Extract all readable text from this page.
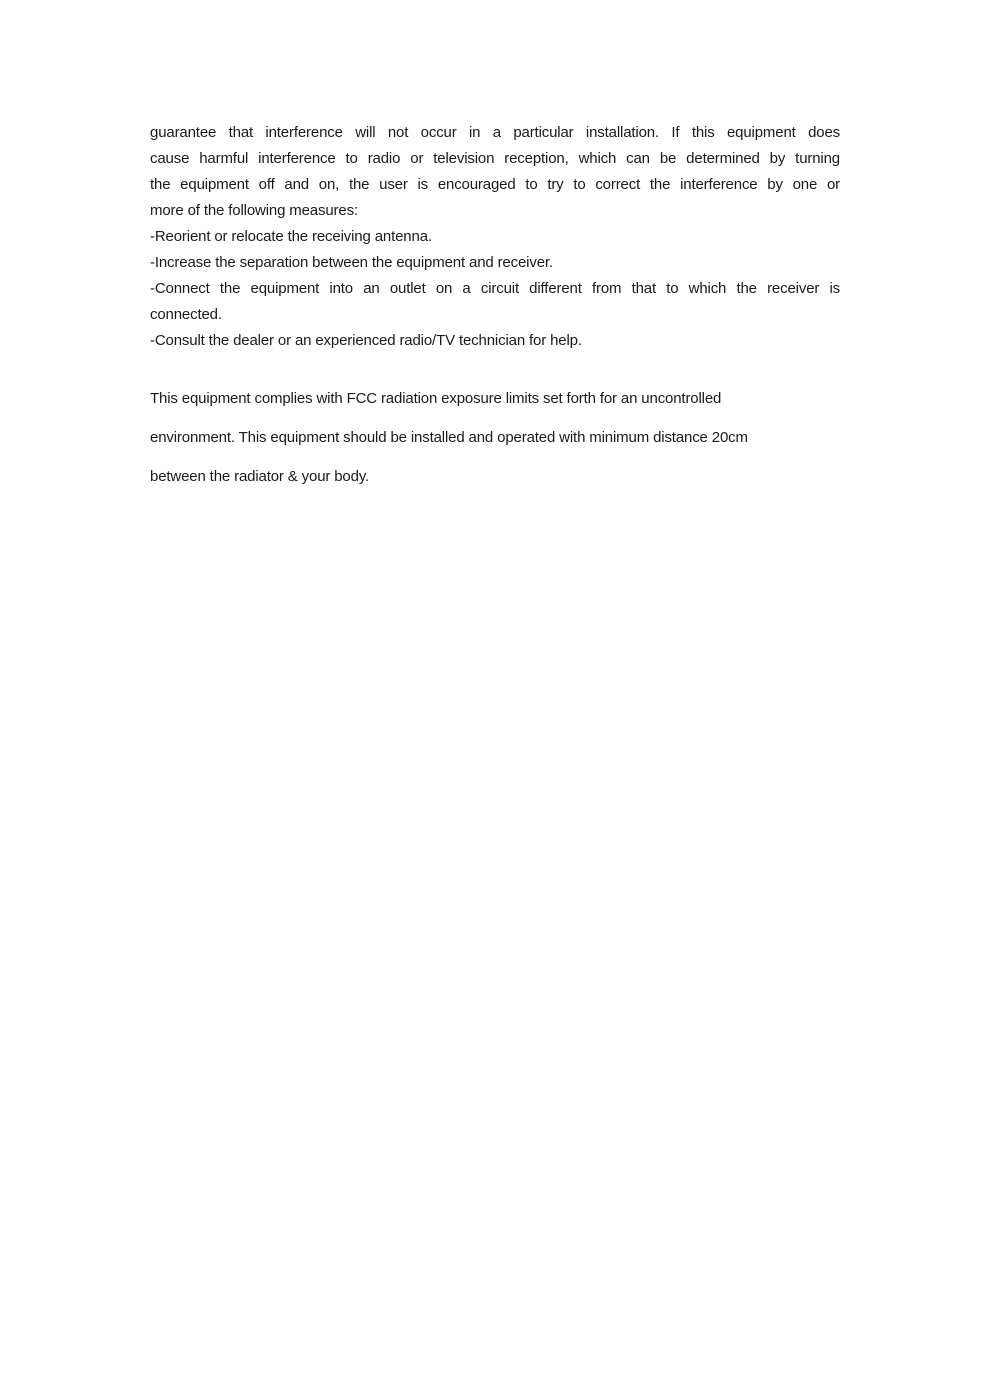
guarantee that interference will not occur in a particular installation. If this equipment does
cause harmful interference to radio or television reception, which can be determined by turning
the equipment off and on, the user is encouraged to try to correct the interference by one or
more of the following measures:
-Reorient or relocate the receiving antenna.
-Increase the separation between the equipment and receiver.
-Connect the equipment into an outlet on a circuit different from that to which the receiver is
connected.
-Consult the dealer or an experienced radio/TV technician for help.
This equipment complies with FCC radiation exposure limits set forth for an uncontrolled
environment. This equipment should be installed and operated with minimum distance 20cm
between the radiator & your body.
